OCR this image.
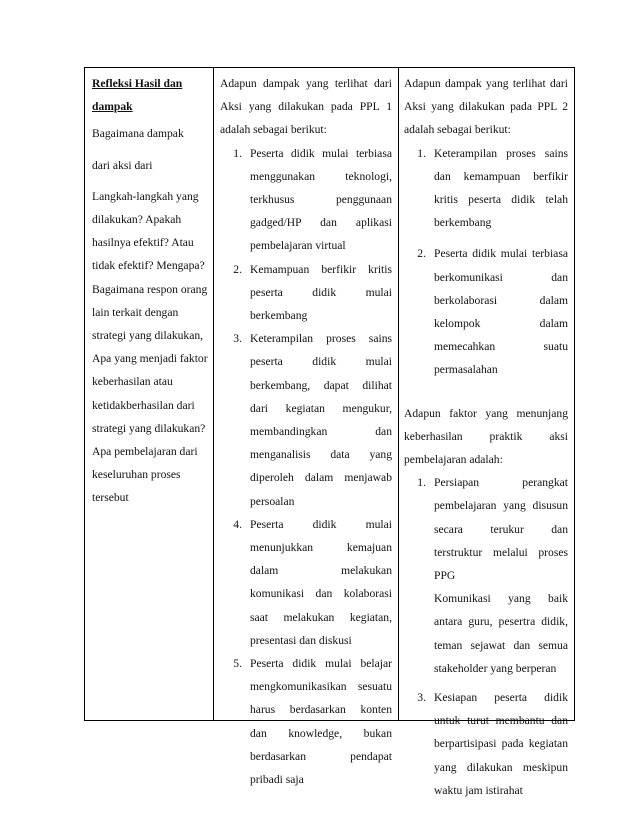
Refleksi Hasil dan
dampak
Bagaimana dampak
dari aksi dari
Langkah-langkah yang
dilakukan? Apakah
hasilnya efektif? Atau
tidak efektif? Mengapa?
Bagaimana respon orang
lain terkait dengan
strategi yang dilakukan,
Apa yang menjadi faktor
keberhasilan atau
ketidakberhasilan dari
strategi yang dilakukan?
Apa pembelajaran dari
keseluruhan proses
tersebut
Adapun dampak yang terlihat dari
Aksi yang dilakukan pada PPL 1
adalah sebagai berikut:
1. Peserta didik mulai terbiasa
menggunakan teknologi,
terkhusus penggunaan
gadged/HP dan aplikasi
pembelajaran virtual
2. Kemampuan berfikir kritis
peserta didik mulai
berkembang
3. Keterampilan proses sains
peserta didik mulai
berkembang, dapat dilihat
dari kegiatan mengukur,
membandingkan dan
menganalisis data yang
diperoleh dalam menjawab
persoalan
4. Peserta didik mulai
menunjukkan kemajuan
dalam melakukan
komunikasi dan kolaborasi
saat melakukan kegiatan,
presentasi dan diskusi
5. Peserta didik mulai belajar
mengkomunikasikan sesuatu
harus berdasarkan konten
dan knowledge, bukan
berdasarkan pendapat
pribadi saja
Adapun dampak yang terlihat dari
Aksi yang dilakukan pada PPL 2
adalah sebagai berikut:
1. Keterampilan proses sains
dan kemampuan berfikir
kritis peserta didik telah
berkembang
2. Peserta didik mulai terbiasa
berkomunikasi dan
berkolaborasi dalam
kelompok dalam
memecahkan suatu
permasalahan
Adapun faktor yang menunjang
keberhasilan praktik aksi
pembelajaran adalah:
1. Persiapan perangkat
pembelajaran yang disusun
secara terukur dan
terstruktur melalui proses
PPG
Komunikasi yang baik
antara guru, pesertra didik,
teman sejawat dan semua
stakeholder yang berperan
3. Kesiapan peserta didik
untuk turut membantu dan
berpartisipasi pada kegiatan
yang dilakukan meskipun
waktu jam istirahat
